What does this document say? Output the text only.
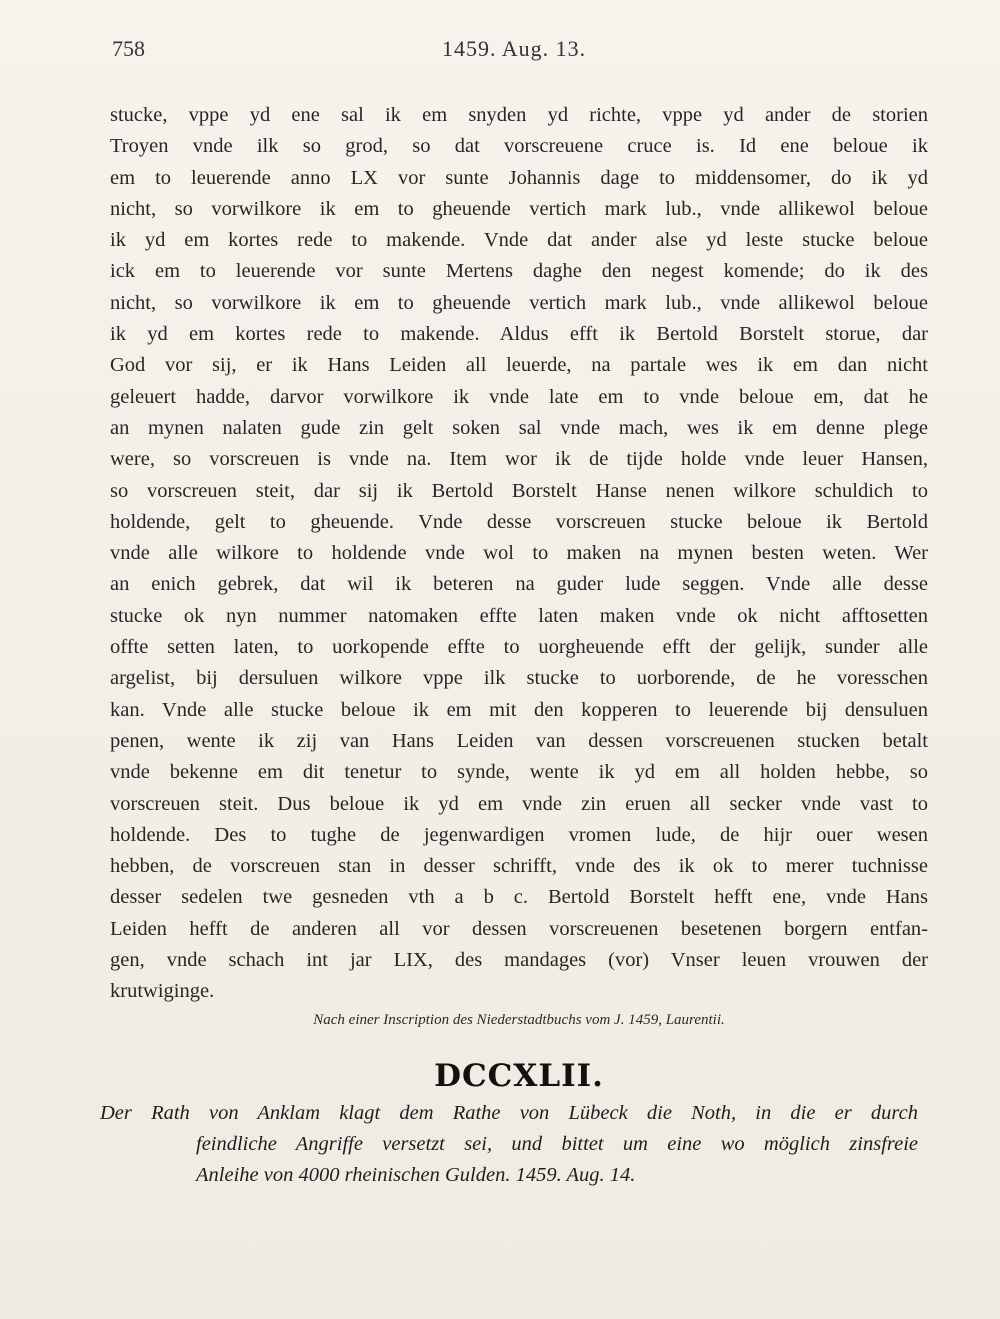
758	1459. Aug. 13.
stucke, vppe yd ene sal ik em snyden yd richte, vppe yd ander de storien
Troyen vnde ilk so grod, so dat vorscreuene cruce is. Id ene beloue ik
em to leuerende anno LX vor sunte Johannis dage to middensomer, do ik yd
nicht, so vorwilkore ik em to gheuende vertich mark lub., vnde allikewol beloue
ik yd em kortes rede to makende. Vnde dat ander alse yd leste stucke beloue
ick em to leuerende vor sunte Mertens daghe den negest komende; do ik des
nicht, so vorwilkore ik em to gheuende vertich mark lub., vnde allikewol beloue
ik yd em kortes rede to makende. Aldus efft ik Bertold Borstelt storue, dar
God vor sij, er ik Hans Leiden all leuerde, na partale wes ik em dan nicht
geleuert hadde, darvor vorwilkore ik vnde late em to vnde beloue em, dat he
an mynen nalaten gude zin gelt soken sal vnde mach, wes ik em denne plege
were, so vorscreuen is vnde na. Item wor ik de tijde holde vnde leuer Hansen,
so vorscreuen steit, dar sij ik Bertold Borstelt Hanse nenen wilkore schuldich to
holdende, gelt to gheuende. Vnde desse vorscreuen stucke beloue ik Bertold
vnde alle wilkore to holdende vnde wol to maken na mynen besten weten. Wer
an enich gebrek, dat wil ik beteren na guder lude seggen. Vnde alle desse
stucke ok nyn nummer natomaken effte laten maken vnde ok nicht afftosetten
offte setten laten, to uorkopende effte to uorgheuende efft der gelijk, sunder alle
argelist, bij dersuluen wilkore vppe ilk stucke to uorborende, de he voresschen
kan. Vnde alle stucke beloue ik em mit den kopperen to leuerende bij densuluen
penen, wente ik zij van Hans Leiden van dessen vorscreuenen stucken betalt
vnde bekenne em dit tenetur to synde, wente ik yd em all holden hebbe, so
vorscreuen steit. Dus beloue ik yd em vnde zin eruen all secker vnde vast to
holdende. Des to tughe de jegenwardigen vromen lude, de hijr ouer wesen
hebben, de vorscreuen stan in desser schrifft, vnde des ik ok to merer tuchnisse
desser sedelen twe gesneden vth a b c. Bertold Borstelt hefft ene, vnde Hans
Leiden hefft de anderen all vor dessen vorscreuenen besetenen borgern entfan-
gen, vnde schach int jar LIX, des mandages (vor) Vnser leuen vrouwen der
krutwiginge.
Nach einer Inscription des Niederstadtbuchs vom J. 1459, Laurentii.
DCCXLII.
Der Rath von Anklam klagt dem Rathe von Lübeck die Noth, in die er durch
feindliche Angriffe versetzt sei, und bittet um eine wo möglich zinsfreie
Anleihe von 4000 rheinischen Gulden. 1459. Aug. 14.
